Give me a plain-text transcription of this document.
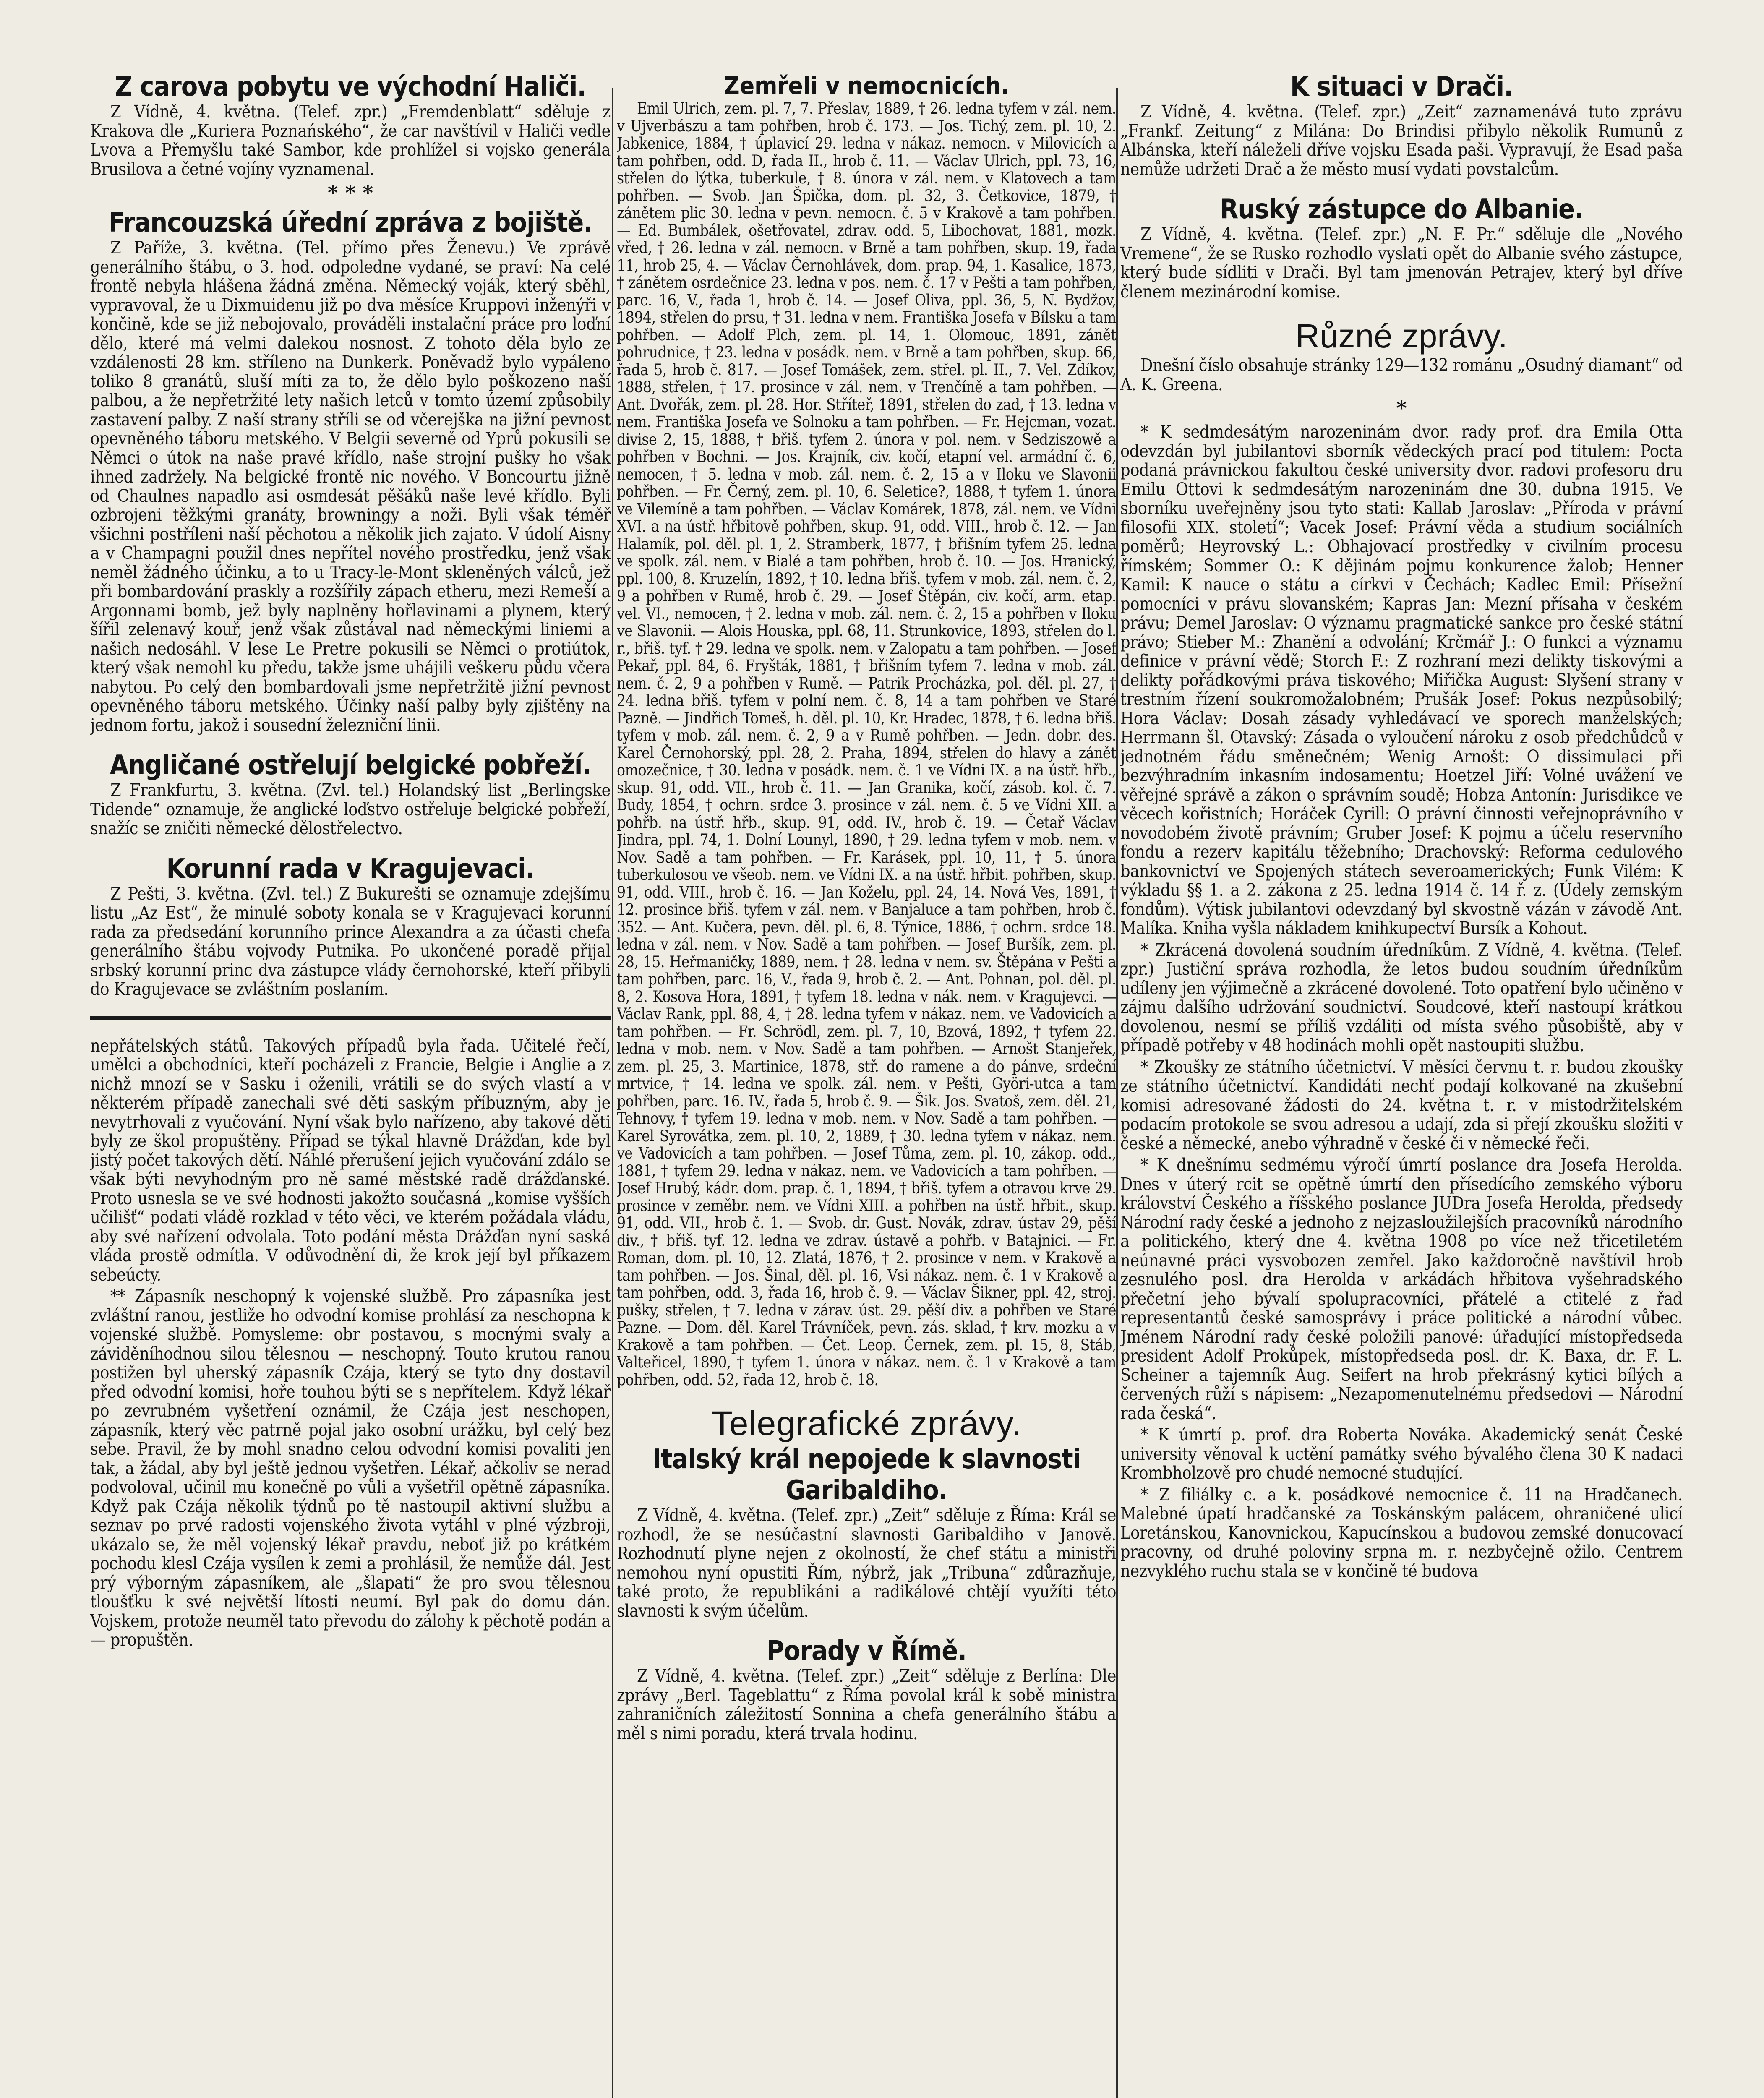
Z carova pobytu ve východní Haliči.

Z Vídně, 4. května. (Telef. zpr.) „Fremdenblatt“ sděluje z Krakova dle „Kuriera Poznańského“, že car navštívil v Haliči vedle Lvova a Přemyšlu také Sambor, kde prohlížel si vojsko generála Brusilova a četné vojíny vyznamenal.

* * *
Francouzská úřední zpráva z bojiště.

Z Paříže, 3. května. (Tel. přímo přes Ženevu.) Ve zprávě generálního štábu, o 3. hod. odpoledne vydané, se praví: Na celé frontě nebyla hlášena žádná změna. Německý voják, který sběhl, vypravoval, že u Dixmuidenu již po dva měsíce Kruppovi inženýři v končině, kde se již nebojovalo, prováděli instalační práce pro loďní dělo, které má velmi dalekou nosnost. Z tohoto děla bylo ze vzdálenosti 28 km. stříleno na Dunkerk. Poněvadž bylo vypáleno toliko 8 granátů, sluší míti za to, že dělo bylo poškozeno naší palbou, a že nepřetržité lety našich letců v tomto území způsobily zastavení palby. Z naší strany stříli se od včerejška na jižní pevnost opevněného táboru metského. V Belgii severně od Yprů pokusili se Němci o útok na naše pravé křídlo, naše strojní pušky ho však ihned zadržely. Na belgické frontě nic nového. V Boncourtu jižně od Chaulnes napadlo asi osmdesát pěšáků naše levé křídlo. Byli ozbrojeni těžkými granáty, browningy a noži. Byli však téměř všichni postříleni naší pěchotou a několik jich zajato. V údolí Aisny a v Champagni použil dnes nepřítel nového prostředku, jenž však neměl žádného účinku, a to u Tracy-le-Mont skleněných válců, jež při bombardování praskly a rozšířily zápach etheru, mezi Remeší a Argonnami bomb, jež byly naplněny hořlavinami a plynem, který šířil zelenavý kouř, jenž však zůstával nad německými liniemi a našich nedosáhl. V lese Le Pretre pokusili se Němci o protiútok, který však nemohl ku předu, takže jsme uhájili veškeru půdu včera nabytou. Po celý den bombardovali jsme nepřetržitě jižní pevnost opevněného táboru metského. Účinky naší palby byly zjištěny na jednom fortu, jakož i sousední železniční linii.

Angličané ostřelují belgické pobřeží.

Z Frankfurtu, 3. května. (Zvl. tel.) Holandský list „Berlingske Tidende“ oznamuje, že anglické loďstvo ostřeluje belgické pobřeží, snažíc se zničiti německé dělostřelectvo.

Korunní rada v Kragujevaci.

Z Pešti, 3. května. (Zvl. tel.) Z Bukurešti se oznamuje zdejšímu listu „Az Est“, že minulé soboty konala se v Kragujevaci korunní rada za předsedání korunního prince Alexandra a za účasti chefa generálního štábu vojvody Putnika. Po ukončené poradě přijal srbský korunní princ dva zástupce vlády černohorské, kteří přibyli do Kragujevace se zvláštním poslaním.

nepřátelských států. Takových případů byla řada. Učitelé řečí, umělci a obchodníci, kteří pocházeli z Francie, Belgie i Anglie a z nichž mnozí se v Sasku i oženili, vrátili se do svých vlastí a v některém případě zanechali své děti saským příbuzným, aby je nevytrhovali z vyučování. Nyní však bylo nařízeno, aby takové děti byly ze škol propuštěny. Případ se týkal hlavně Drážďan, kde byl jistý počet takových dětí. Náhlé přerušení jejich vyučování zdálo se však býti nevyhodným pro ně samé městské radě drážďanské. Proto usnesla se ve své hodnosti jakožto současná „komise vyšších učilišť“ podati vládě rozklad v této věci, ve kterém požádala vládu, aby své nařízení odvolala. Toto podání města Drážďan nyní saská vláda prostě odmítla. V odůvodnění di, že krok její byl příkazem sebeúcty.

** Zápasník neschopný k vojenské službě. Pro zápasníka jest zvláštní ranou, jestliže ho odvodní komise prohlásí za neschopna k vojenské službě. Pomysleme: obr postavou, s mocnými svaly a záviděníhodnou silou tělesnou — neschopný. Touto krutou ranou postižen byl uherský zápasník Czája, který se tyto dny dostavil před odvodní komisi, hoře touhou býti se s nepřítelem. Když lékař po zevrubném vyšetření oznámil, že Czája jest neschopen, zápasník, který věc patrně pojal jako osobní urážku, byl celý bez sebe. Pravil, že by mohl snadno celou odvodní komisi povaliti jen tak, a žádal, aby byl ještě jednou vyšetřen. Lékař, ačkoliv se nerad podvoloval, učinil mu konečně po vůli a vyšetřil opětně zápasníka. Když pak Czája několik týdnů po tě nastoupil aktivní službu a seznav po prvé radosti vojenského života vytáhl v plné výzbroji, ukázalo se, že měl vojenský lékař pravdu, neboť již po krátkém pochodu klesl Czája vysílen k zemi a prohlásil, že nemůže dál. Jest prý výborným zápasníkem, ale „šlapati“ že pro svou tělesnou tloušťku k své největší lítosti neumí. Byl pak do domu dán. Vojskem, protože neuměl tato převodu do zálohy k pěchotě podán a — propuštěn.

Zemřeli v nemocnicích.

Emil Ulrich, zem. pl. 7, 7. Přeslav, 1889, † 26. ledna tyfem v zál. nem. v Ujverbászu a tam pohřben, hrob č. 173. — Jos. Tichý, zem. pl. 10, 2. Jabkenice, 1884, † úplavicí 29. ledna v nákaz. nemocn. v Milovicích a tam pohřben, odd. D, řada II., hrob č. 11. — Václav Ulrich, ppl. 73, 16, střelen do lýtka, tuberkule, † 8. února v zál. nem. v Klatovech a tam pohřben. — Svob. Jan Špička, dom. pl. 32, 3. Četkovice, 1879, † zánětem plic 30. ledna v pevn. nemocn. č. 5 v Krakově a tam pohřben. — Ed. Bumbálek, ošetřovatel, zdrav. odd. 5, Libochovat, 1881, mozk. vřed, † 26. ledna v zál. nemocn. v Brně a tam pohřben, skup. 19, řada 11, hrob 25, 4. — Václav Černohlávek, dom. prap. 94, 1. Kasalice, 1873, † zánětem osrdečnice 23. ledna v pos. nem. č. 17 v Pešti a tam pohřben, parc. 16, V., řada 1, hrob č. 14. — Josef Oliva, ppl. 36, 5, N. Bydžov, 1894, střelen do prsu, † 31. ledna v nem. Františka Josefa v Bílsku a tam pohřben. — Adolf Plch, zem. pl. 14, 1. Olomouc, 1891, zánět pohrudnice, † 23. ledna v posádk. nem. v Brně a tam pohřben, skup. 66, řada 5, hrob č. 817. — Josef Tomášek, zem. střel. pl. II., 7. Vel. Zdíkov, 1888, střelen, † 17. prosince v zál. nem. v Trenčíně a tam pohřben. — Ant. Dvořák, zem. pl. 28. Hor. Stříteř, 1891, střelen do zad, † 13. ledna v nem. Františka Josefa ve Solnoku a tam pohřben. — Fr. Hejcman, vozat. divise 2, 15, 1888, † břiš. tyfem 2. února v pol. nem. v Sedziszowě a pohřben v Bochni. — Jos. Krajník, civ. kočí, etapní vel. armádní č. 6, nemocen, † 5. ledna v mob. zál. nem. č. 2, 15 a v Iloku ve Slavonii pohřben. — Fr. Černý, zem. pl. 10, 6. Seletice?, 1888, † tyfem 1. února ve Vilemíně a tam pohřben. — Václav Komárek, 1878, zál. nem. ve Vídni XVI. a na ústř. hřbitově pohřben, skup. 91, odd. VIII., hrob č. 12. — Jan Halamík, pol. děl. pl. 1, 2. Stramberk, 1877, † břišním tyfem 25. ledna ve spolk. zál. nem. v Bialé a tam pohřben, hrob č. 10. — Jos. Hranický, ppl. 100, 8. Kruzelín, 1892, † 10. ledna břiš. tyfem v mob. zál. nem. č. 2, 9 a pohřben v Rumě, hrob č. 29. — Josef Štěpán, civ. kočí, arm. etap. vel. VI., nemocen, † 2. ledna v mob. zál. nem. č. 2, 15 a pohřben v Iloku ve Slavonii. — Alois Houska, ppl. 68, 11. Strunkovice, 1893, střelen do l. r., břiš. tyf. † 29. ledna ve spolk. nem. v Zalopatu a tam pohřben. — Josef Pekař, ppl. 84, 6. Fryšták, 1881, † břišním tyfem 7. ledna v mob. zál. nem. č. 2, 9 a pohřben v Rumě. — Patrik Procházka, pol. děl. pl. 27, † 24. ledna břiš. tyfem v polní nem. č. 8, 14 a tam pohřben ve Staré Pazně. — Jindřich Tomeš, h. děl. pl. 10, Kr. Hradec, 1878, † 6. ledna břiš. tyfem v mob. zál. nem. č. 2, 9 a v Rumě pohřben. — Jedn. dobr. des. Karel Černohorský, ppl. 28, 2. Praha, 1894, střelen do hlavy a zánět omozečnice, † 30. ledna v posádk. nem. č. 1 ve Vídni IX. a na ústř. hřb., skup. 91, odd. VII., hrob č. 11. — Jan Granika, kočí, zásob. kol. č. 7. Budy, 1854, † ochrn. srdce 3. prosince v zál. nem. č. 5 ve Vídni XII. a pohřb. na ústř. hřb., skup. 91, odd. IV., hrob č. 19. — Četař Václav Jindra, ppl. 74, 1. Dolní Lounyl, 1890, † 29. ledna tyfem v mob. nem. v Nov. Sadě a tam pohřben. — Fr. Karásek, ppl. 10, 11, † 5. února tuberkulosou ve všeob. nem. ve Vídni IX. a na ústř. hřbit. pohřben, skup. 91, odd. VIII., hrob č. 16. — Jan Koželu, ppl. 24, 14. Nová Ves, 1891, † 12. prosince břiš. tyfem v zál. nem. v Banjaluce a tam pohřben, hrob č. 352. — Ant. Kučera, pevn. děl. pl. 6, 8. Týnice, 1886, † ochrn. srdce 18. ledna v zál. nem. v Nov. Sadě a tam pohřben. — Josef Buršík, zem. pl. 28, 15. Heřmaničky, 1889, nem. † 28. ledna v nem. sv. Štěpána v Pešti a tam pohřben, parc. 16, V., řada 9, hrob č. 2. — Ant. Pohnan, pol. děl. pl. 8, 2. Kosova Hora, 1891, † tyfem 18. ledna v nák. nem. v Kragujevci. — Václav Rank, ppl. 88, 4, † 28. ledna tyfem v nákaz. nem. ve Vadovicích a tam pohřben. — Fr. Schrödl, zem. pl. 7, 10, Bzová, 1892, † tyfem 22. ledna v mob. nem. v Nov. Sadě a tam pohřben. — Arnošt Stanjeřek, zem. pl. 25, 3. Martinice, 1878, stř. do ramene a do pánve, srdeční mrtvice, † 14. ledna ve spolk. zál. nem. v Pešti, Györi-utca a tam pohřben, parc. 16. IV., řada 5, hrob č. 9. — Šik. Jos. Svatoš, zem. děl. 21, Tehnovy, † tyfem 19. ledna v mob. nem. v Nov. Sadě a tam pohřben. — Karel Syrovátka, zem. pl. 10, 2, 1889, † 30. ledna tyfem v nákaz. nem. ve Vadovicích a tam pohřben. — Josef Tůma, zem. pl. 10, zákop. odd., 1881, † tyfem 29. ledna v nákaz. nem. ve Vadovicích a tam pohřben. — Josef Hrubý, kádr. dom. prap. č. 1, 1894, † břiš. tyfem a otravou krve 29. prosince v zeměbr. nem. ve Vídni XIII. a pohřben na ústř. hřbit., skup. 91, odd. VII., hrob č. 1. — Svob. dr. Gust. Novák, zdrav. ústav 29, pěší div., † břiš. tyf. 12. ledna ve zdrav. ústavě a pohřb. v Batajnici. — Fr. Roman, dom. pl. 10, 12. Zlatá, 1876, † 2. prosince v nem. v Krakově a tam pohřben. — Jos. Šinal, děl. pl. 16, Vsi nákaz. nem. č. 1 v Krakově a tam pohřben, odd. 3, řada 16, hrob č. 9. — Václav Šikner, ppl. 42, stroj. pušky, střelen, † 7. ledna v zárav. úst. 29. pěší div. a pohřben ve Staré Pazne. — Dom. děl. Karel Trávníček, pevn. zás. sklad, † krv. mozku a v Krakově a tam pohřben. — Čet. Leop. Černek, zem. pl. 15, 8, Stáb, Valteřicel, 1890, † tyfem 1. února v nákaz. nem. č. 1 v Krakově a tam pohřben, odd. 52, řada 12, hrob č. 18.

Telegrafické zprávy.
Italský král nepojede k slavnosti Garibaldiho.

Z Vídně, 4. května. (Telef. zpr.) „Zeit“ sděluje z Říma: Král se rozhodl, že se nesúčastní slavnosti Garibaldiho v Janově. Rozhodnutí plyne nejen z okolností, že chef státu a ministři nemohou nyní opustiti Řím, nýbrž, jak „Tribuna“ zdůrazňuje, také proto, že republikáni a radikálové chtějí využíti této slavnosti k svým účelům.

Porady v Římě.

Z Vídně, 4. května. (Telef. zpr.) „Zeit“ sděluje z Berlína: Dle zprávy „Berl. Tageblattu“ z Říma povolal král k sobě ministra zahraničních záležitostí Sonnina a chefa generálního štábu a měl s nimi poradu, která trvala hodinu.

K situaci v Drači.

Z Vídně, 4. května. (Telef. zpr.) „Zeit“ zaznamenává tuto zprávu „Frankf. Zeitung“ z Milána: Do Brindisi přibylo několik Rumunů z Albánska, kteří náleželi dříve vojsku Esada paši. Vypravují, že Esad paša nemůže udržeti Drač a že město musí vydati povstalcům.

Ruský zástupce do Albanie.

Z Vídně, 4. května. (Telef. zpr.) „N. F. Pr.“ sděluje dle „Nového Vremene“, že se Rusko rozhodlo vyslati opět do Albanie svého zástupce, který bude sídliti v Drači. Byl tam jmenován Petrajev, který byl dříve členem mezinárodní komise.

Různé zprávy.

Dnešní číslo obsahuje stránky 129—132 románu „Osudný diamant“ od A. K. Greena.

*

* K sedmdesátým narozeninám dvor. rady prof. dra Emila Otta odevzdán byl jubilantovi sborník vědeckých prací pod titulem: Pocta podaná právnickou fakultou české university dvor. radovi profesoru dru Emilu Ottovi k sedmdesátým narozeninám dne 30. dubna 1915. Ve sborníku uveřejněny jsou tyto stati: Kallab Jaroslav: „Příroda v právní filosofii XIX. století“; Vacek Josef: Právní věda a studium sociálních poměrů; Heyrovský L.: Obhajovací prostředky v civilním procesu římském; Sommer O.: K dějinám pojmu konkurence žalob; Henner Kamil: K nauce o státu a církvi v Čechách; Kadlec Emil: Přísežní pomocníci v právu slovanském; Kapras Jan: Mezní přísaha v českém právu; Demel Jaroslav: O významu pragmatické sankce pro české státní právo; Stieber M.: Zhanění a odvolání; Krčmář J.: O funkci a významu definice v právní vědě; Storch F.: Z rozhraní mezi delikty tiskovými a delikty pořádkovými práva tiskového; Miřička August: Slyšení strany v trestním řízení soukromožalobném; Prušák Josef: Pokus nezpůsobilý; Hora Václav: Dosah zásady vyhledávací ve sporech manželských; Herrmann šl. Otavský: Zásada o vyloučení nároku z osob předchůdců v jednotném řádu směnečném; Wenig Arnošt: O dissimulaci při bezvýhradním inkasním indosamentu; Hoetzel Jiří: Volné uvážení ve věřejné správě a zákon o správním soudě; Hobza Antonín: Jurisdikce ve věcech kořistních; Horáček Cyrill: O právní činnosti veřejnoprávního v novodobém životě právním; Gruber Josef: K pojmu a účelu reservního fondu a rezerv kapitálu těžebního; Drachovský: Reforma cedulového bankovnictví ve Spojených státech severoamerických; Funk Vilém: K výkladu §§ 1. a 2. zákona z 25. ledna 1914 č. 14 ř. z. (Údely zemským fondům). Výtisk jubilantovi odevzdaný byl skvostně vázán v závodě Ant. Malíka. Kniha vyšla nákladem knihkupectví Bursík a Kohout.

* Zkrácená dovolená soudním úředníkům. Z Vídně, 4. května. (Telef. zpr.) Justiční správa rozhodla, že letos budou soudním úředníkům udíleny jen výjimečně a zkrácené dovolené. Toto opatření bylo učiněno v zájmu dalšího udržování soudnictví. Soudcové, kteří nastoupí krátkou dovolenou, nesmí se příliš vzdáliti od místa svého působiště, aby v případě potřeby v 48 hodinách mohli opět nastoupiti službu.

* Zkoušky ze státního účetnictví. V měsíci červnu t. r. budou zkoušky ze státního účetnictví. Kandidáti nechť podají kolkované na zkušební komisi adresované žádosti do 24. května t. r. v mistodržitelském podacím protokole se svou adresou a udají, zda si přejí zkoušku složiti v české a německé, anebo výhradně v české či v německé řeči.

* K dnešnímu sedmému výročí úmrtí poslance dra Josefa Herolda. Dnes v úterý rcit se opětně úmrtí den přísedícího zemského výboru království Českého a říšského poslance JUDra Josefa Herolda, předsedy Národní rady české a jednoho z nejzasloužilejších pracovníků národního a politického, který dne 4. května 1908 po více než třicetiletém neúnavné práci vysvobozen zemřel. Jako každoročně navštívil hrob zesnulého posl. dra Herolda v arkádách hřbitova vyšehradského přečetní jeho bývalí spolupracovníci, přátelé a ctitelé z řad representantů české samosprávy i práce politické a národní vůbec. Jménem Národní rady české položili panové: úřadující místopředseda president Adolf Prokůpek, místopředseda posl. dr. K. Baxa, dr. F. L. Scheiner a tajemník Aug. Seifert na hrob překrásný kytici bílých a červených růží s nápisem: „Nezapomenutelnému předsedovi — Národní rada česká“.

* K úmrtí p. prof. dra Roberta Nováka. Akademický senát České university věnoval k uctění památky svého bývalého člena 30 K nadaci Krombholzově pro chudé nemocné studující.

* Z filiálky c. a k. posádkové nemocnice č. 11 na Hradčanech. Malebné úpatí hradčanské za Toskánským palácem, ohraničené ulicí Loretánskou, Kanovnickou, Kapucínskou a budovou zemské donucovací pracovny, od druhé poloviny srpna m. r. nezbyčejně ožilo. Centrem nezvyklého ruchu stala se v končině té budova
